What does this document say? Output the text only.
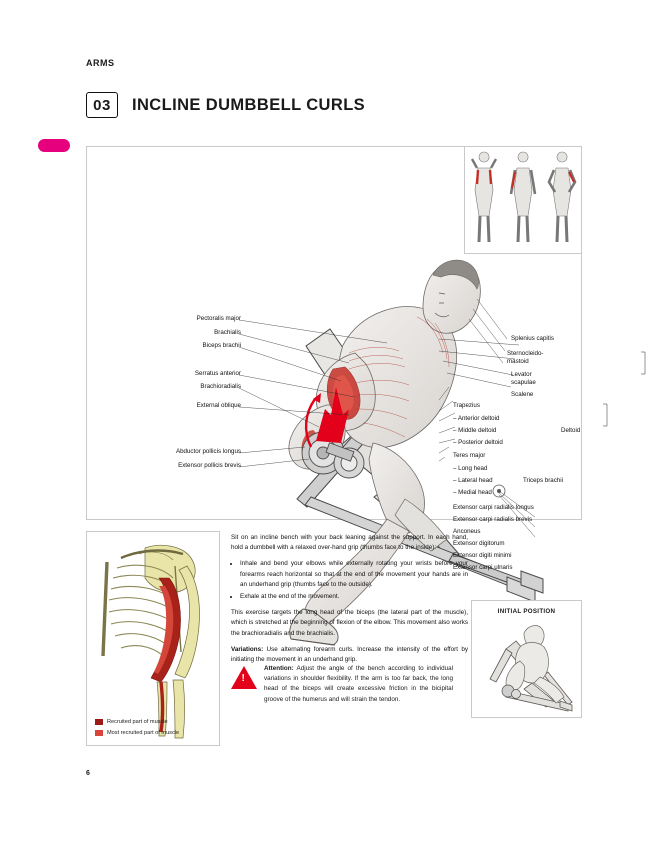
ARMS
03	INCLINE DUMBBELL CURLS
Pectoralis major
Brachialis
Biceps brachii
Serratus anterior
Brachioradialis
External oblique
Abductor pollicis longus
Extensor pollicis brevis
Splenius capitis
Sternocleido-
mastoid
Levator
scapulae
Scalene
Trapezius
– Anterior deltoid
– Middle deltoid
– Posterior deltoid
Teres major
– Long head
– Lateral head
– Medial head
Extensor carpi radialis longus
Extensor carpi radialis brevis
Anconeus
Extensor digitorum
Extensor digiti minimi
Extensor carpi ulnaris
Deltoid
Triceps brachii
Recruited part of muscle
Most recruited part of muscle

Sit on an incline bench with your back leaning against the support. In each hand, hold a dumbbell with a relaxed over-hand grip (thumbs face to the inside):

• Inhale and bend your elbows while externally rotating your wrists before your forearms reach horizontal so that at the end of the movement your hands are in an underhand grip (thumbs face to the outside).
• Exhale at the end of the movement.

This exercise targets the long head of the biceps (the lateral part of the muscle), which is stretched at the beginning of flexion of the elbow. This movement also works the brachioradialis and the brachialis.

Variations: Use alternating forearm curls. Increase the intensity of the effort by initiating the movement in an underhand grip.

!
Attention: Adjust the angle of the bench according to individual variations in shoulder flexibility. If the arm is too far back, the long head of the biceps will create excessive friction in the bicipital groove of the humerus and will strain the tendon.
INITIAL POSITION
6
